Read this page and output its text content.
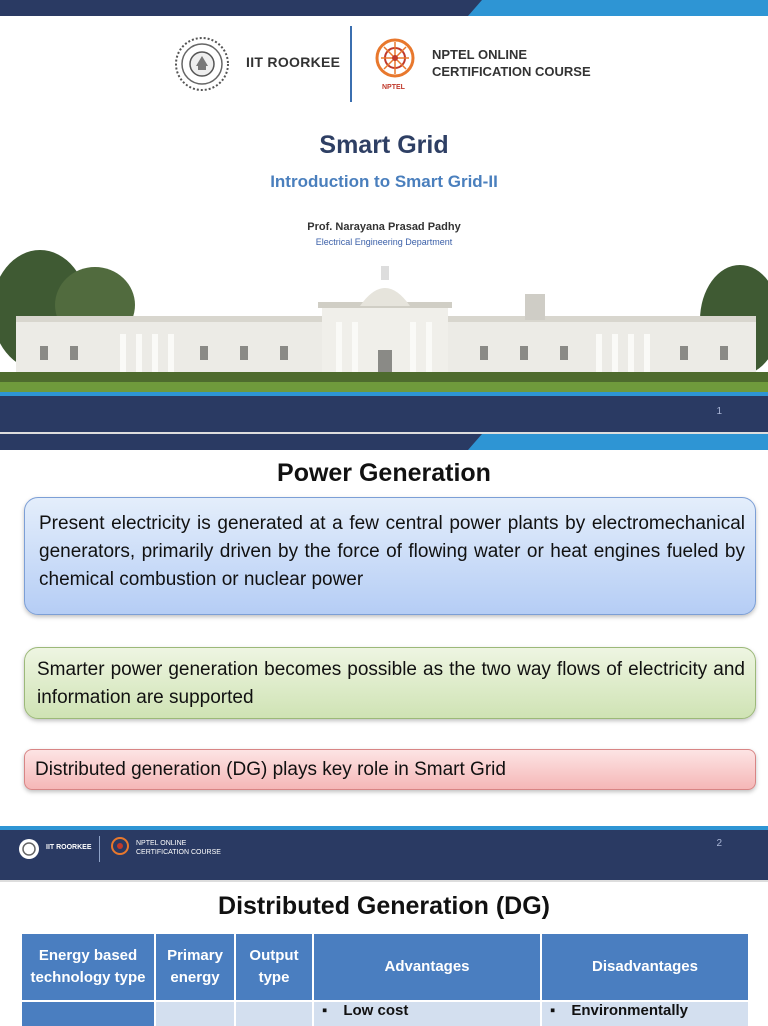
IIT ROORKEE
NPTEL
NPTEL ONLINE
CERTIFICATION COURSE
Smart Grid
Introduction to Smart Grid-II
Prof. Narayana Prasad Padhy
Electrical Engineering Department
1
Power Generation
Present electricity is generated at a few central power plants by electromechanical generators, primarily driven by the force of flowing water or heat engines fueled by chemical combustion or nuclear power
Smarter power generation becomes possible as the two way flows of electricity and information are supported
Distributed generation (DG) plays key role in Smart Grid
IIT ROORKEE
NPTEL ONLINE
CERTIFICATION COURSE
2
Distributed Generation (DG)
Energy based technology type	Primary energy	Output type	Advantages	Disadvantages
			▪ Low cost	▪ Environmentally
